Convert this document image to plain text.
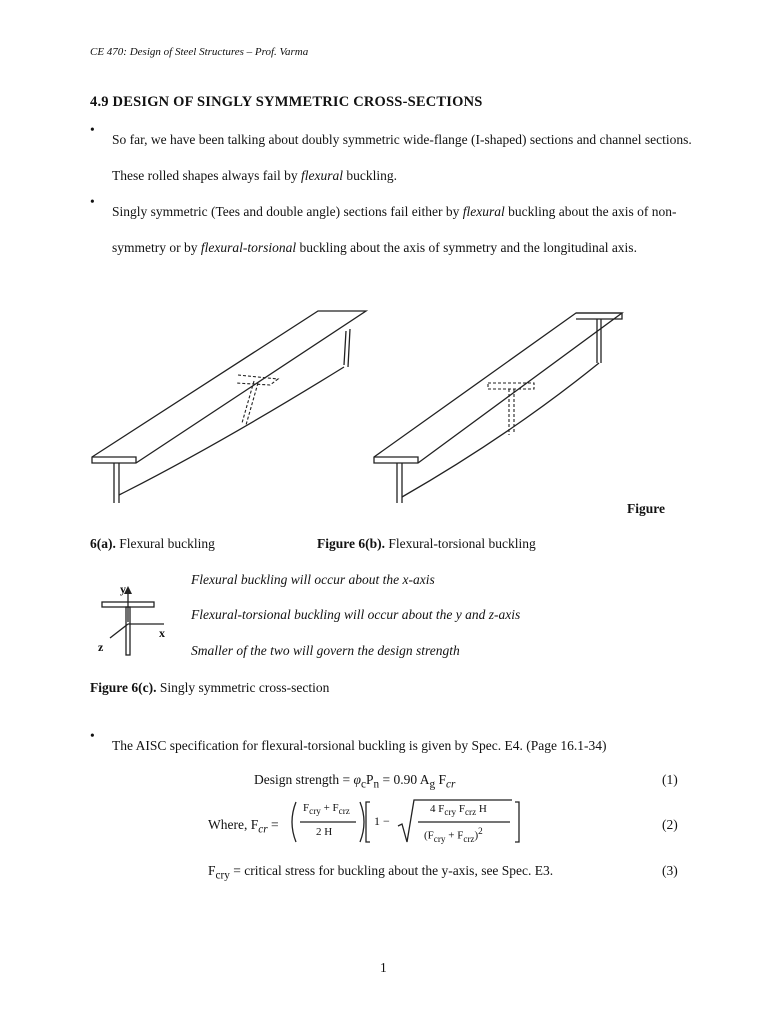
CE 470: Design of Steel Structures – Prof. Varma
4.9 DESIGN OF SINGLY SYMMETRIC CROSS-SECTIONS
•
So far, we have been talking about doubly symmetric wide-flange (I-shaped) sections and channel sections. These rolled shapes always fail by flexural buckling.
•
Singly symmetric (Tees and double angle) sections fail either by flexural buckling about the axis of non-symmetry or by flexural-torsional buckling about the axis of symmetry and the longitudinal axis.
Figure
6(a). Flexural buckling	Figure 6(b). Flexural-torsional buckling
y
x
z
Flexural buckling will occur about the x-axis
Flexural-torsional buckling will occur about the y and z-axis
Smaller of the two will govern the design strength
Figure 6(c). Singly symmetric cross-section
•
The AISC specification for flexural-torsional buckling is given by Spec. E4. (Page 16.1-34)
Design strength = $\varphi_cP_n = 0.90$ $A_g$ $F_{cr}$	(1)
Where, $F_{cr}$ =
$F_{cry} + F_{crz}$
2 H
1 −
4 $F_{cry}$ $F_{crz}$ H
$(F_{cry} + F_{crz})^2$	(2)
$F_{cry}$ = critical stress for buckling about the y-axis, see Spec. E3.	(3)
1
